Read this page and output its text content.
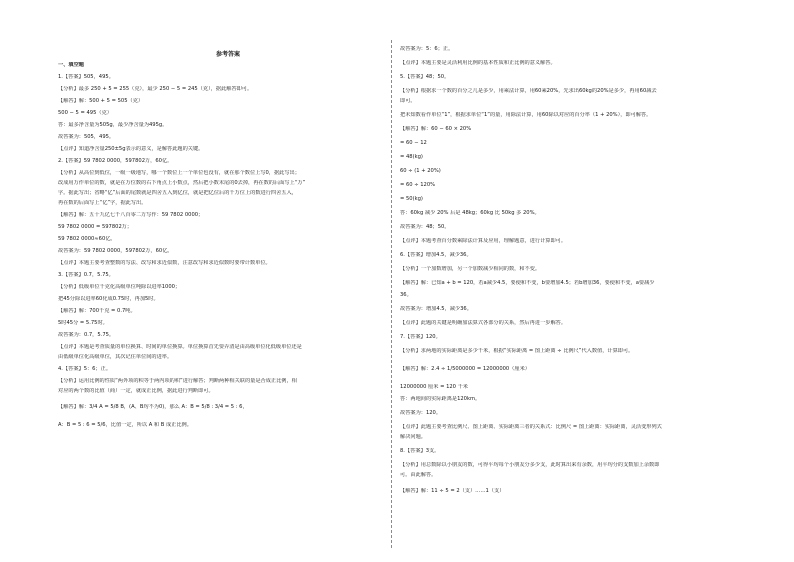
参考答案
一、填空题
1.【答案】505，495。
【分析】最多 250 + 5 = 255（克），最少 250 − 5 = 245（克），据此解答即可。
【解答】解：500 + 5 = 505（克）
500 − 5 = 495（克）
答：最多净含量为505g，最少净含量为495g。
故答案为：505，495。
【点评】知道净含量250±5g表示的意义，是解答此题的关键。
2.【答案】59 7802 0000，597802万，60亿。
【分析】从高位到低位，一级一级地写，哪一个数位上一个单位也没有，就在那个数位上写0，据此写出；
改成用万作单位的数，就是在万位数的右下角点上小数点，然后把小数末尾的0去掉，再在数的后面写上“万”
字。据此写出；省略“亿”后面的尾数就是四舍五入到亿位，就是把亿位后的千万位上的数进行四舍五入，
再在数的后面写上“亿”字，据此写出。
【解答】解：五十九亿七千八百零二万写作：59 7802 0000；
59 7802 0000 = 597802万；
59 7802 0000≈60亿。
故答案为：59 7802 0000，597802万，60亿。
【点评】本题主要考查整数的写法、改写和求近似数，注意改写和求近似数时要带计数单位。
3.【答案】0.7，5.75。
【分析】低级单位千克化高级单位吨除以进率1000；
把45分除以进率60化成0.75时，再加5时。
【解答】解：700千克 = 0.7吨。
5时45分 = 5.75时。
故答案为：0.7，5.75。
【点评】本题是考查质量的单位换算、时间的单位换算。单位换算首先要弄清是由高级单位化低级单位还是
由低级单位化高级单位，其次记住单位间的进率。
4.【答案】5：6；正。
【分析】运用比例的性质“两外项的积等于两内项的积”进行解答；判断两种相关联的量是否成正比例，相
对应的两个数的比值（商）一定，就成正比例，据此进行判断即可。
【解答】解：3/4 A = 5/8 B，(A、B均不为0)，那么 A：B = 5/8 : 3/4 = 5 : 6，
A：B = 5 : 6 = 5/6，比值一定，所以 A 和 B 成正比例。
故答案为：5：6；正。
【点评】本题主要是灵活利用比例的基本性质和正比例的意义解答。
5.【答案】48；50。
【分析】根据求一个数的百分之几是多少，用乘法计算，用60乘20%，先求出60kg的20%是多少，再用60减去
即可。
把未知数看作单位“1”，根据求单位“1”的量，用除法计算，用60除以对应的百分率（1 + 20%），即可解答。
【解答】解：60 − 60 × 20%
= 60 − 12
= 48(kg)
60 ÷ (1 + 20%)
= 60 ÷ 120%
= 50(kg)
答：60kg 减少 20% 后是 48kg；60kg 比 50kg 多 20%。
故答案为：48；50。
【点评】本题考查百分数乘除法计算及应用，理解题意，进行计算即可。
6.【答案】增加4.5，减少36。
【分析】一个加数增加，另一个加数减少相同的数，和不变。
【解答】解：已知a + b = 120，若a减少4.5，要使和不变，b要增加4.5；若b增加36，要使和不变，a要减少
36。
故答案为：增加4.5，减少36。
【点评】此题的关键是明确加法算式各部分的关系，然后再进一步解答。
7.【答案】120。
【分析】求两地的实际距离是多少千米，根据“实际距离 = 图上距离 ÷ 比例尺”代入数值，计算即可。
【解答】解：2.4 ÷ 1/5000000 = 12000000（厘米）
12000000 厘米 = 120 千米
答：两地间的实际距离是120km。
故答案为：120。
【点评】此题主要考查比例尺、图上距离、实际距离三者的关系式：比例尺 = 图上距离：实际距离，灵活变形列式
解决问题。
8.【答案】3支。
【分析】用总数除以小朋友的数，可得平均每个小朋友分多少支，此时算出来有余数，用平均分的支数加上余数即
可。由此解答。
【解答】解：11 ÷ 5 = 2（支）……1（支）
